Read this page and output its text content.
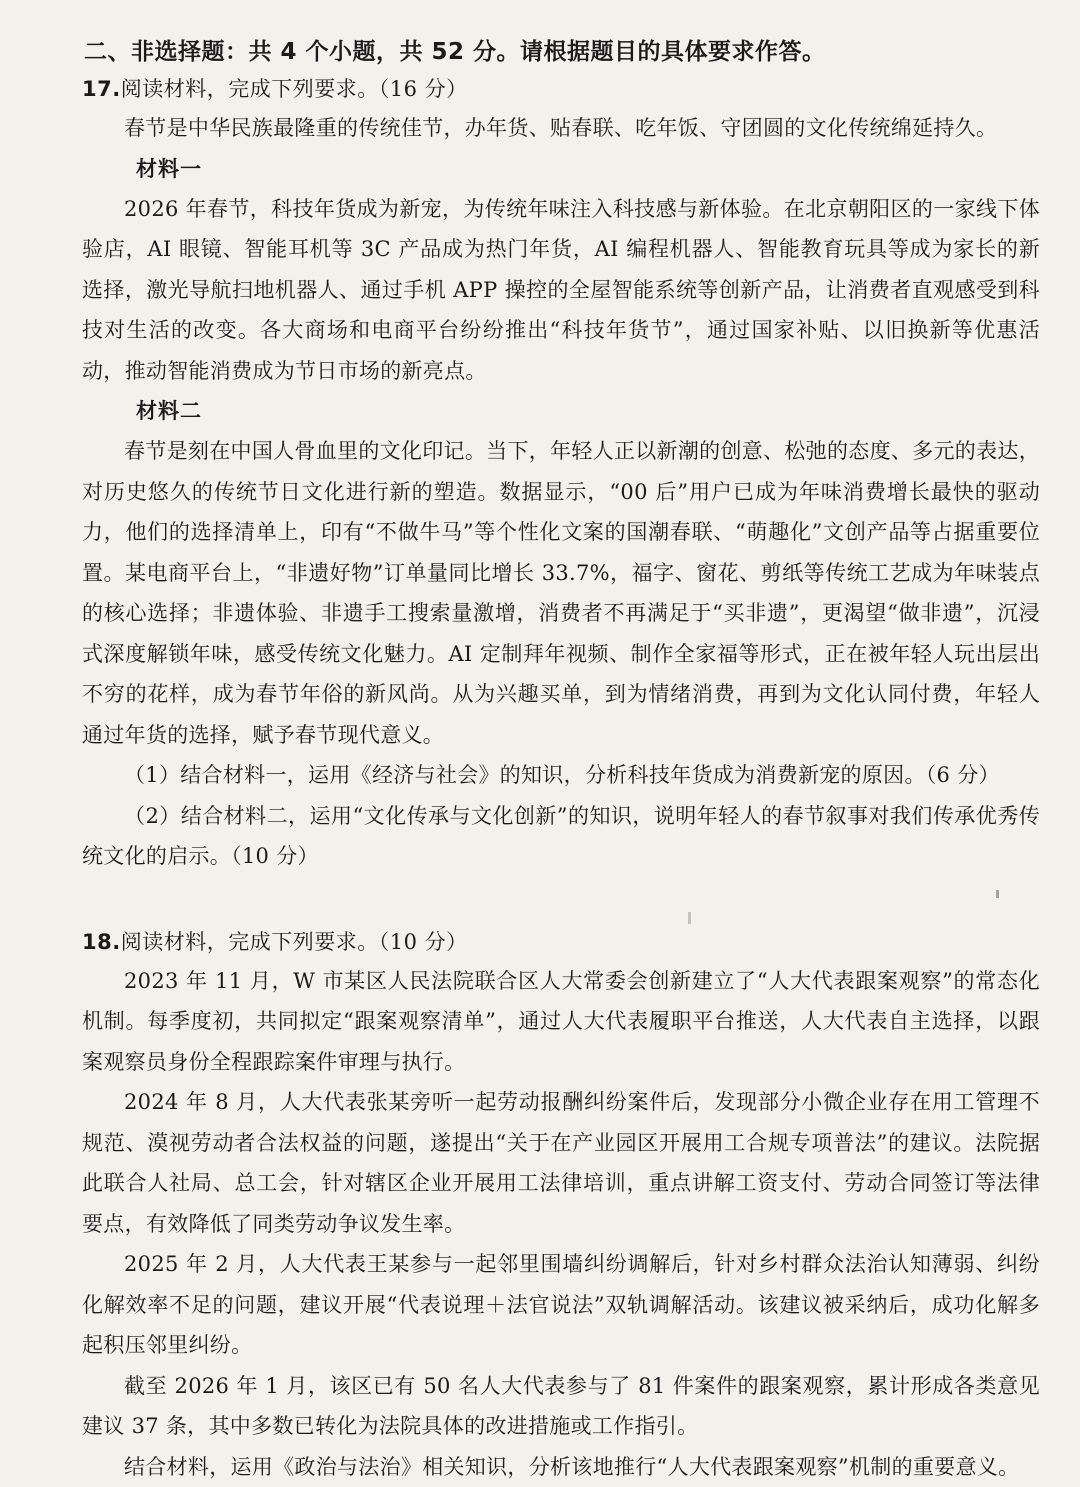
二、非选择题：共 4 个小题，共 52 分。请根据题目的具体要求作答。
17.阅读材料，完成下列要求。（16 分）

春节是中华民族最隆重的传统佳节，办年货、贴春联、吃年饭、守团圆的文化传统绵延持久。

材料一

2026 年春节，科技年货成为新宠，为传统年味注入科技感与新体验。在北京朝阳区的一家线下体验店，AI 眼镜、智能耳机等 3C 产品成为热门年货，AI 编程机器人、智能教育玩具等成为家长的新选择，激光导航扫地机器人、通过手机 APP 操控的全屋智能系统等创新产品，让消费者直观感受到科技对生活的改变。各大商场和电商平台纷纷推出“科技年货节”，通过国家补贴、以旧换新等优惠活动，推动智能消费成为节日市场的新亮点。

材料二

春节是刻在中国人骨血里的文化印记。当下，年轻人正以新潮的创意、松弛的态度、多元的表达，对历史悠久的传统节日文化进行新的塑造。数据显示，“00 后”用户已成为年味消费增长最快的驱动力，他们的选择清单上，印有“不做牛马”等个性化文案的国潮春联、“萌趣化”文创产品等占据重要位置。某电商平台上，“非遗好物”订单量同比增长 33.7%，福字、窗花、剪纸等传统工艺成为年味装点的核心选择；非遗体验、非遗手工搜索量激增，消费者不再满足于“买非遗”，更渴望“做非遗”，沉浸式深度解锁年味，感受传统文化魅力。AI 定制拜年视频、制作全家福等形式，正在被年轻人玩出层出不穷的花样，成为春节年俗的新风尚。从为兴趣买单，到为情绪消费，再到为文化认同付费，年轻人通过年货的选择，赋予春节现代意义。

（1）结合材料一，运用《经济与社会》的知识，分析科技年货成为消费新宠的原因。（6 分）

（2）结合材料二，运用“文化传承与文化创新”的知识，说明年轻人的春节叙事对我们传承优秀传统文化的启示。（10 分）

18.阅读材料，完成下列要求。（10 分）

2023 年 11 月，W 市某区人民法院联合区人大常委会创新建立了“人大代表跟案观察”的常态化机制。每季度初，共同拟定“跟案观察清单”，通过人大代表履职平台推送，人大代表自主选择，以跟案观察员身份全程跟踪案件审理与执行。

2024 年 8 月，人大代表张某旁听一起劳动报酬纠纷案件后，发现部分小微企业存在用工管理不规范、漠视劳动者合法权益的问题，遂提出“关于在产业园区开展用工合规专项普法”的建议。法院据此联合人社局、总工会，针对辖区企业开展用工法律培训，重点讲解工资支付、劳动合同签订等法律要点，有效降低了同类劳动争议发生率。

2025 年 2 月，人大代表王某参与一起邻里围墙纠纷调解后，针对乡村群众法治认知薄弱、纠纷化解效率不足的问题，建议开展“代表说理＋法官说法”双轨调解活动。该建议被采纳后，成功化解多起积压邻里纠纷。

截至 2026 年 1 月，该区已有 50 名人大代表参与了 81 件案件的跟案观察，累计形成各类意见建议 37 条，其中多数已转化为法院具体的改进措施或工作指引。

结合材料，运用《政治与法治》相关知识，分析该地推行“人大代表跟案观察”机制的重要意义。
